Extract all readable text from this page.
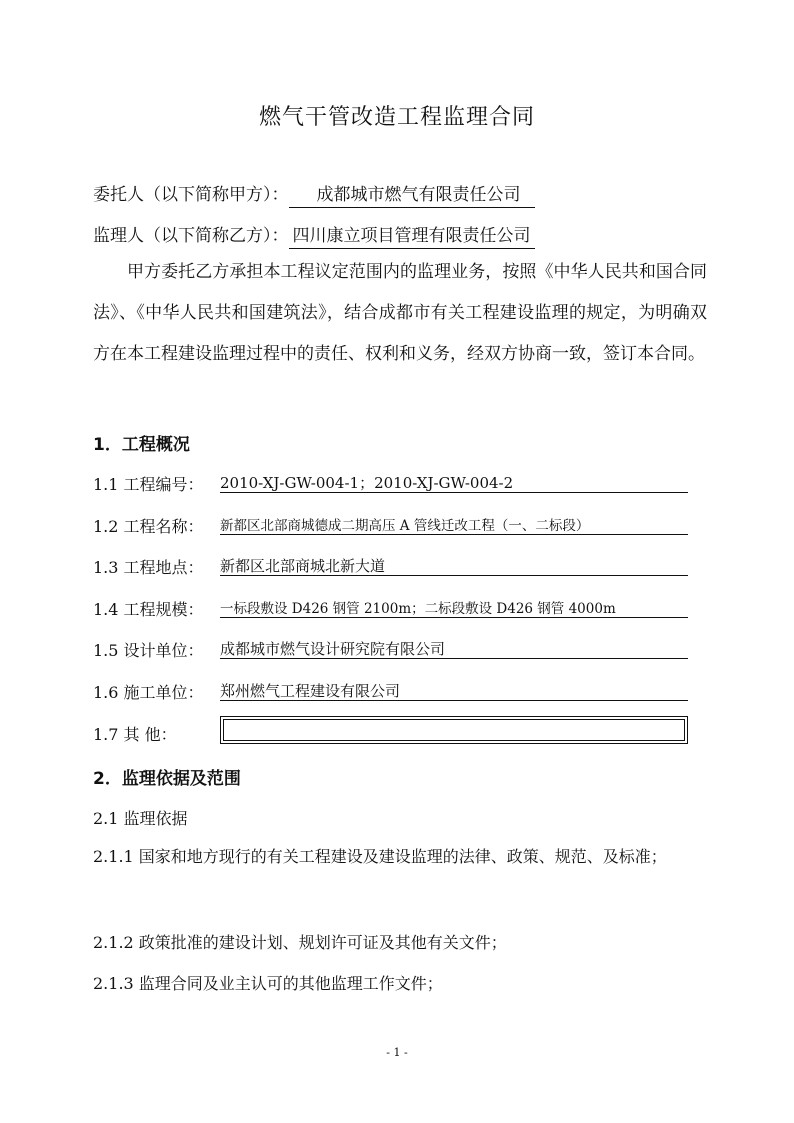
燃气干管改造工程监理合同
委托人（以下简称甲方）： 成都城市燃气有限责任公司
监理人（以下简称乙方）： 四川康立项目管理有限责任公司
甲方委托乙方承担本工程议定范围内的监理业务，按照《中华人民共和国合同法》、《中华人民共和国建筑法》，结合成都市有关工程建设监理的规定，为明确双方在本工程建设监理过程中的责任、权利和义务，经双方协商一致，签订本合同。
1．工程概况
1.1 工程编号： 2010-XJ-GW-004-1；2010-XJ-GW-004-2
1.2 工程名称： 新都区北部商城德成二期高压 A 管线迁改工程（一、二标段）
1.3 工程地点： 新都区北部商城北新大道
1.4 工程规模： 一标段敷设 D426 钢管 2100m；二标段敷设 D426 钢管 4000m
1.5 设计单位： 成都城市燃气设计研究院有限公司
1.6 施工单位： 郑州燃气工程建设有限公司
1.7 其 他：
2．监理依据及范围
2.1 监理依据
2.1.1 国家和地方现行的有关工程建设及建设监理的法律、政策、规范、及标准；
2.1.2 政策批准的建设计划、规划许可证及其他有关文件；
2.1.3 监理合同及业主认可的其他监理工作文件；
- 1 -
